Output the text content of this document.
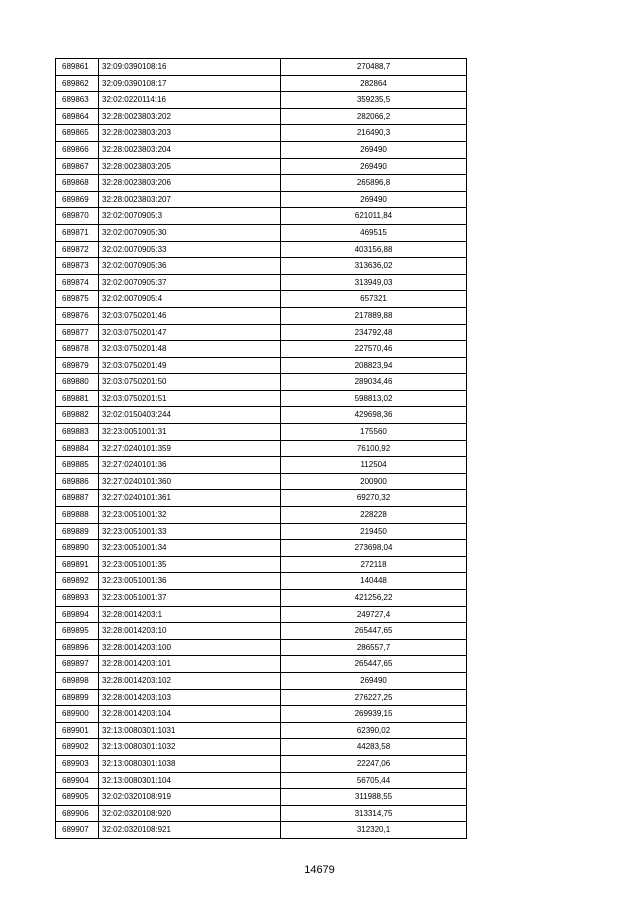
689861	32:09:0390108:16	270488,7
689862	32:09:0390108:17	282864
689863	32:02:0220114:16	359235,5
689864	32:28:0023803:202	282066,2
689865	32:28:0023803:203	216490,3
689866	32:28:0023803:204	269490
689867	32:28:0023803:205	269490
689868	32:28:0023803:206	265896,8
689869	32:28:0023803:207	269490
689870	32:02:0070905:3	621011,84
689871	32:02:0070905:30	469515
689872	32:02:0070905:33	403156,88
689873	32:02:0070905:36	313636,02
689874	32:02:0070905:37	313949,03
689875	32:02:0070905:4	657321
689876	32:03:0750201:46	217889,88
689877	32:03:0750201:47	234792,48
689878	32:03:0750201:48	227570,46
689879	32:03:0750201:49	208823,94
689880	32:03:0750201:50	289034,46
689881	32:03:0750201:51	598813,02
689882	32:02:0150403:244	429698,36
689883	32:23:0051001:31	175560
689884	32:27:0240101:359	76100,92
689885	32:27:0240101:36	112504
689886	32:27:0240101:360	200900
689887	32:27:0240101:361	69270,32
689888	32:23:0051001:32	228228
689889	32:23:0051001:33	219450
689890	32:23:0051001:34	273698,04
689891	32:23:0051001:35	272118
689892	32:23:0051001:36	140448
689893	32:23:0051001:37	421256,22
689894	32:28:0014203:1	249727,4
689895	32:28:0014203:10	265447,65
689896	32:28:0014203:100	286557,7
689897	32:28:0014203:101	265447,65
689898	32:28:0014203:102	269490
689899	32:28:0014203:103	276227,25
689900	32:28:0014203:104	269939,15
689901	32:13:0080301:1031	62390,02
689902	32:13:0080301:1032	44283,58
689903	32:13:0080301:1038	22247,06
689904	32:13:0080301:104	56705,44
689905	32:02:0320108:919	311988,55
689906	32:02:0320108:920	313314,75
689907	32:02:0320108:921	312320,1
14679
